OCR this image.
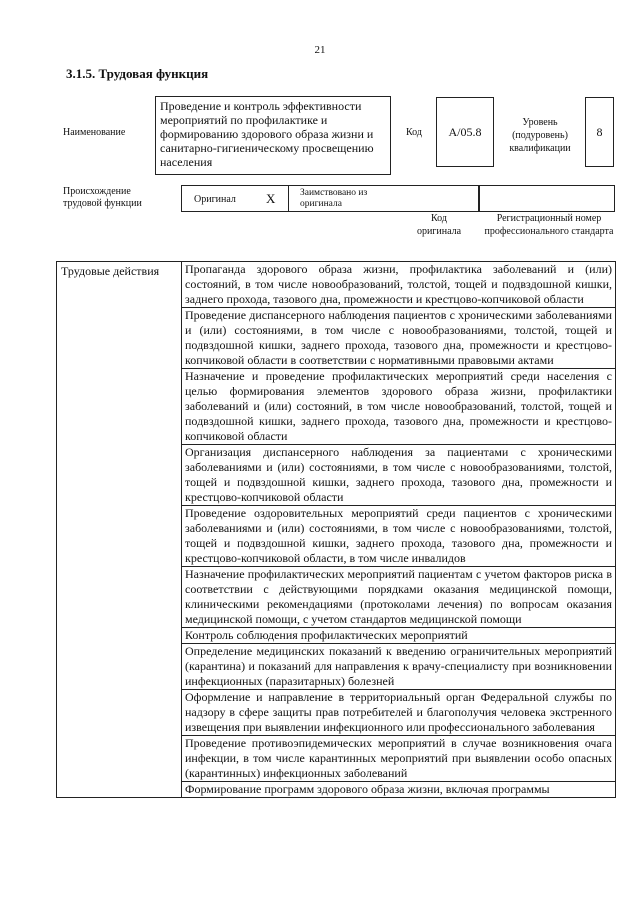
21
3.1.5. Трудовая функция
Наименование
Проведение и контроль эффективности мероприятий по профилактике и формированию здорового образа жизни и санитарно-гигиеническому просвещению населения
Код	A/05.8
Уровень (подуровень) квалификации
8
Происхождение трудовой функции	Оригинал X	Заимствовано из оригинала
Код оригинала
Регистрационный номер профессионального стандарта
Трудовые действия	Пропаганда здорового образа жизни, профилактика заболеваний и (или) состояний, в том числе новообразований, толстой, тощей и подвздошной кишки, заднего прохода, тазового дна, промежности и крестцово-копчиковой области
Проведение диспансерного наблюдения пациентов с хроническими заболеваниями и (или) состояниями, в том числе с новообразованиями, толстой, тощей и подвздошной кишки, заднего прохода, тазового дна, промежности и крестцово-копчиковой области в соответствии с нормативными правовыми актами
Назначение и проведение профилактических мероприятий среди населения с целью формирования элементов здорового образа жизни, профилактики заболеваний и (или) состояний, в том числе новообразований, толстой, тощей и подвздошной кишки, заднего прохода, тазового дна, промежности и крестцово-копчиковой области
Организация диспансерного наблюдения за пациентами с хроническими заболеваниями и (или) состояниями, в том числе с новообразованиями, толстой, тощей и подвздошной кишки, заднего прохода, тазового дна, промежности и крестцово-копчиковой области
Проведение оздоровительных мероприятий среди пациентов с хроническими заболеваниями и (или) состояниями, в том числе с новообразованиями, толстой, тощей и подвздошной кишки, заднего прохода, тазового дна, промежности и крестцово-копчиковой области, в том числе инвалидов
Назначение профилактических мероприятий пациентам с учетом факторов риска в соответствии с действующими порядками оказания медицинской помощи, клиническими рекомендациями (протоколами лечения) по вопросам оказания медицинской помощи, с учетом стандартов медицинской помощи
Контроль соблюдения профилактических мероприятий
Определение медицинских показаний к введению ограничительных мероприятий (карантина) и показаний для направления к врачу-специалисту при возникновении инфекционных (паразитарных) болезней
Оформление и направление в территориальный орган Федеральной службы по надзору в сфере защиты прав потребителей и благополучия человека экстренного извещения при выявлении инфекционного или профессионального заболевания
Проведение противоэпидемических мероприятий в случае возникновения очага инфекции, в том числе карантинных мероприятий при выявлении особо опасных (карантинных) инфекционных заболеваний
Формирование программ здорового образа жизни, включая программы
